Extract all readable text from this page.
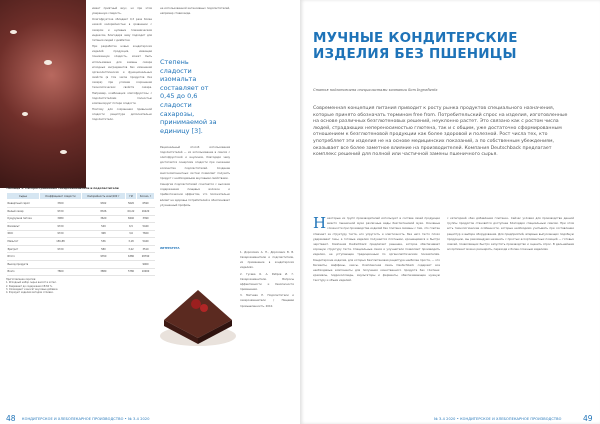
имеет приятный вкус, но при этом умеренную сладость.

Олигофруктоза обладает 0,3 раза более низкой калорийностью в сравнении с сахаром и нулевым гликемическим индексом, благодаря чему подходит для питания людей с диабетом.

При разработке новых кондитерских изделий продукция, имеющая пониженную сладость, может быть использована для замены сахара исходных ингредиентов без изменения органолептических и функциональных свойств (в том числе продуктов без сахара) при условии сохранения технологических свойств сахара. Например, комбинация олигофруктозы с подсластителями полностью компенсирует потери сладости.

Поэтому для сохранения привычной сладости рецептура дополнительно подсластители.

не использованной интенсивных подсластителей, например стевиозида.

Степень сладости изомальта составляет от 0,45 до 0,6 сладости сахарозы, принимаемой за единицу [3].

Рациональный способ использования подсластителей — их использование в смесях с олигофруктозой и инулином, благодаря чему достигается синергизм сладости при снижении количества подсластителей. Создание многокомпонентных систем позволяет получить продукт с необходимыми вкусовыми свойствами.

Синергия подсластителей сочетается с высоким содержанием пищевых волокон и пребиотическим эффектом, что положительно влияет на здоровье потребителей и обеспечивает улучшенный профиль.

ЛИТЕРАТУРА

1. Дорохович А. Н., Дорохович В. В. Сахарозаменители и подсластители, их применение в кондитерских изделиях.

2. Гусева О. А. Ребров И. Г. Сахарозаменители. Вопросы эффективности и безопасности применения.

3. Матчева Е. Подсластители и сахарозаменители / Пищевая промышленность. 2010.

Таблица 1. Распространенные сахарозаменители и подсластители
Сырье	Коэффициент сладости	Калорийность ккал/100 г	ГИ	Кол-во, г
Инвертный сироп	3300	9302	5620	6590
Белый сахар	9720	8326	60,22	16220
Кукурузная патока	3080	3620	8440	3390
Изомальт	9720	549	6,5	5440
ФОС	9720	368	3,6	7820
Мальтит	156,88	536	3,18	5440
Эритрит	9720	580	3,22	3510
Итого		9350	6380	28790
Выход продукта				9000
Всего	7800	3880	5780	10000
Приготовление сиропов:
1. Исходный набор сырья вносят в котел.
2. Уваривают до содержания СВ 84 %.
3. Охлаждают и вносят вкусовые добавки.
4. Формуют изделия методом отливки.
48 КОНДИТЕРСКОЕ И ХЛЕБОПЕКАРНОЕ ПРОИЗВОДСТВО • № 3-4 2020	№ 3-4 2020 • КОНДИТЕРСКОЕ И ХЛЕБОПЕКАРНОЕ ПРОИЗВОДСТВО	49
МУЧНЫЕ КОНДИТЕРСКИЕ ИЗДЕЛИЯ БЕЗ ПШЕНИЦЫ
Статья подготовлена специалистами компании Sem Ingredients
Современная концепция питания приводит к росту рынка продуктов специального назначения, которые принято обозначать термином free from. Потребительский спрос на изделия, изготовленные на основе различных безглютеновых решений, неуклонно растет. Это связано как с ростом числа людей, страдающих непереносимостью глютена, так и с общим, уже достаточно сформированным отношением к безглютеновой продукции как более здоровой и полезной. Рост числа тех, кто употребляет эти изделия не на основе медицинских показаний, а по собственным убеждениям, оказывает все более заметное влияние на производителей. Компания Deutschback предлагает комплекс решений для полной или частичной замены пшеничного сырья.
Н екоторые из групп производителей используют в составе своей продукции вместо пшеничной муки различные виды безглютеновой муки. Основные сложности при производстве изделий без глютена связаны с тем, что глютен отвечает за структуру теста, его упругость и эластичность. Без него тесто плохо удерживает газы, а готовые изделия получаются плотными, крошащимися и быстро черствеют. Компания Deutschback предлагает решение, которое обеспечивает хорошую структуру теста. Специальные смеси и улучшители позволяют производить изделия, не уступающие традиционным по органолептическим показателям. Кондитерские изделия, для которых безглютеновая рецептура наиболее проста, — это бисквиты, маффины, кексы. Комплексная смесь Deutschback содержит все необходимые компоненты для получения качественного продукта без глютена: крахмалы, гидроколлоиды, эмульгаторы и ферменты, обеспечивающие нужную текстуру и объем изделий.
с категорией «без добавления глютена». Сейчас условия для производства данной группы продуктов становятся доступнее благодаря специальным смесям. При этом есть технологические особенности, которые необходимо учитывать при составлении рецептур и выборе оборудования. Для предприятий, впервые выпускающих подобную продукцию, мы рекомендуем начинать с простых ассортиментных позиций — готовых смесей, позволяющих быстро запустить производство и оценить спрос. В дальнейшем ассортимент можно расширять, переходя к более сложным изделиям.
